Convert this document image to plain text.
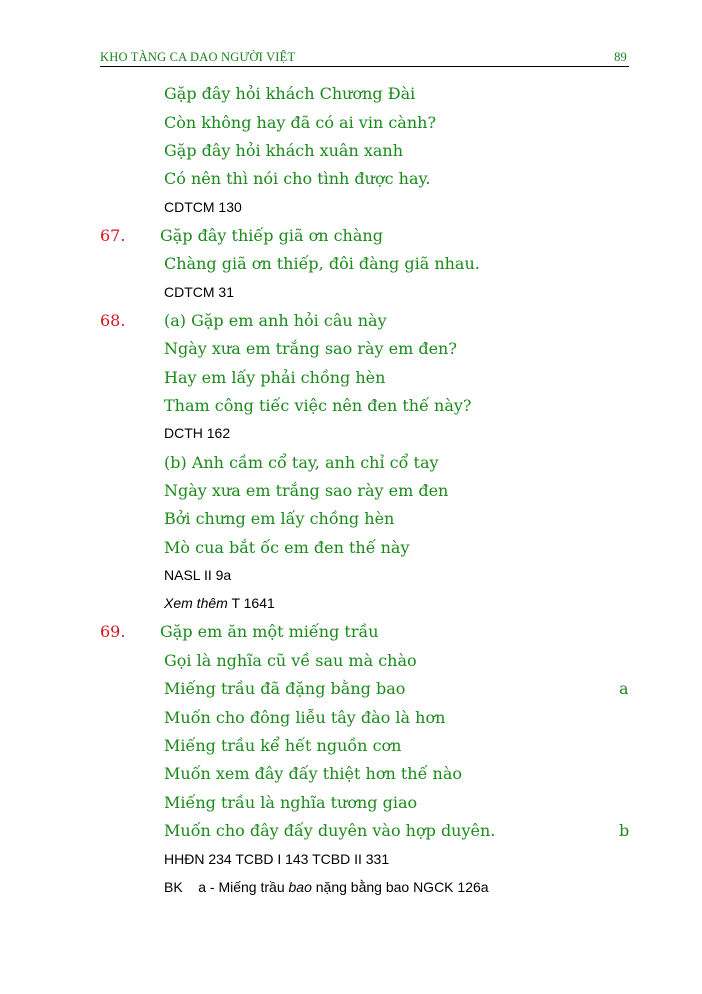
KHO TÀNG CA DAO NGƯỜI VIỆT	89
Gặp đây hỏi khách Chương Đài
Còn không hay đã có ai vin cành?
Gặp đây hỏi khách xuân xanh
Có nên thì nói cho tình được hay.
CDTCM 130
67. Gặp đây thiếp giã ơn chàng
Chàng giã ơn thiếp, đôi đàng giã nhau.
CDTCM 31
68. (a) Gặp em anh hỏi câu này
Ngày xưa em trắng sao rày em đen?
Hay em lấy phải chồng hèn
Tham công tiếc việc nên đen thế này?
DCTH 162
(b) Anh cầm cổ tay, anh chỉ cổ tay
Ngày xưa em trắng sao rày em đen
Bởi chưng em lấy chồng hèn
Mò cua bắt ốc em đen thế này
NASL II 9a
Xem thêm T 1641
69. Gặp em ăn một miếng trầu
Gọi là nghĩa cũ về sau mà chào
Miếng trầu đã đặng bằng bao	a
Muốn cho đông liễu tây đào là hơn
Miếng trầu kể hết nguồn cơn
Muốn xem đây đấy thiệt hơn thế nào
Miếng trầu là nghĩa tương giao
Muốn cho đây đấy duyên vào hợp duyên.	b
HHĐN 234 TCBD I 143 TCBD II 331
BK    a - Miếng trầu bao nặng bằng bao NGCK 126a
